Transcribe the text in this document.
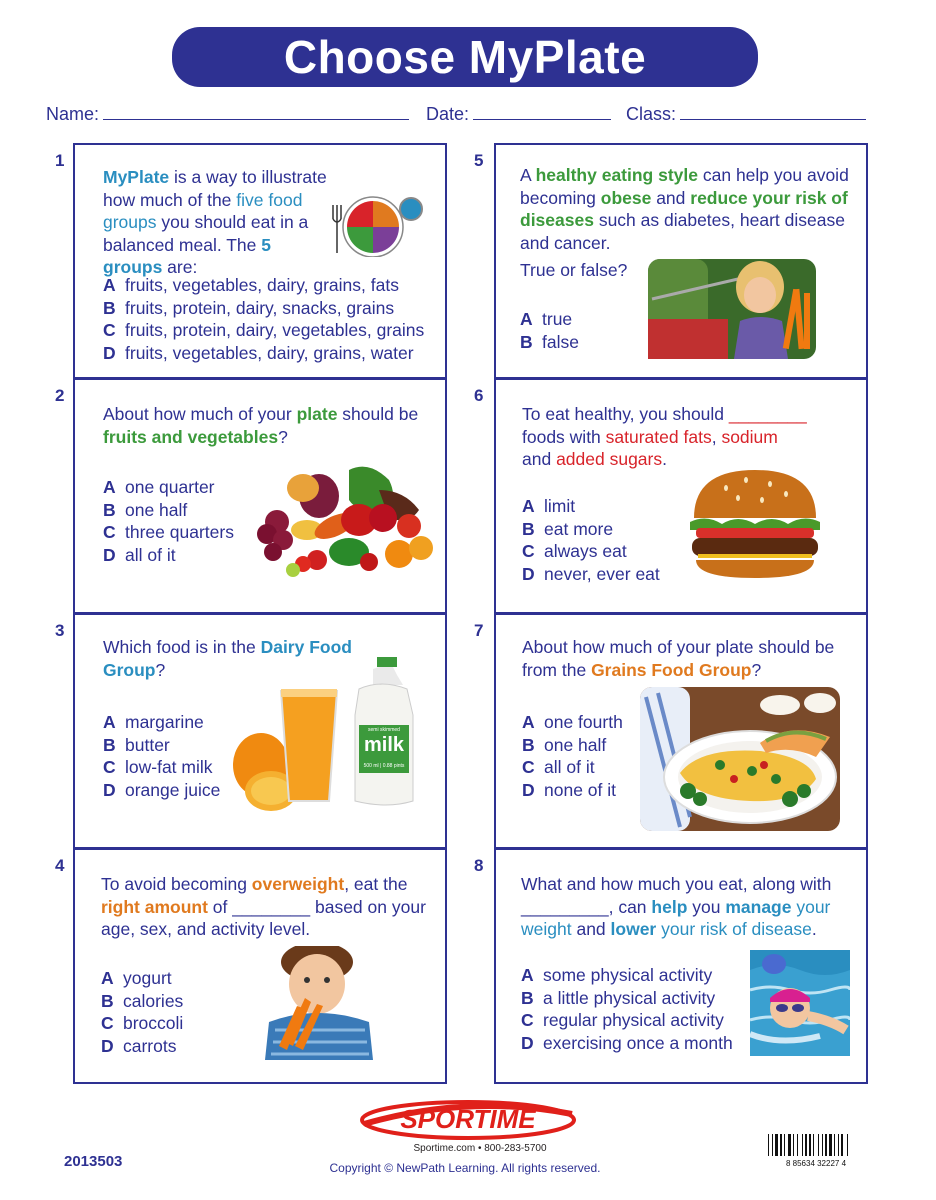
Choose MyPlate
Name:	Date:	Class:
1
MyPlate is a way to illustrate how much of the five food groups you should eat in a balanced meal. The 5 groups are:
A fruits, vegetables, dairy, grains, fats
B fruits, protein, dairy, snacks, grains
C fruits, protein, dairy, vegetables, grains
D fruits, vegetables, dairy, grains, water
2
About how much of your plate should be fruits and vegetables?
A one quarter
B one half
C three quarters
D all of it
3
Which food is in the Dairy Food Group?
semi skimmed
milk
500 ml | 0.88 pints
A margarine
B butter
C low-fat milk
D orange juice
4
To avoid becoming overweight, eat the right amount of ________ based on your age, sex, and activity level.
A yogurt
B calories
C broccoli
D carrots
5
A healthy eating style can help you avoid becoming obese and reduce your risk of diseases such as diabetes, heart disease and cancer.
True or false?
A true
B false
6
To eat healthy, you should ________
foods with saturated fats, sodium
and added sugars.
A limit
B eat more
C always eat
D never, ever eat
7
About how much of your plate should be from the Grains Food Group?
A one fourth
B one half
C all of it
D none of it
8
What and how much you eat, along with _________, can help you manage your weight and lower your risk of disease.
A some physical activity
B a little physical activity
C regular physical activity
D exercising once a month
2013503
SPORTIME
Sportime.com • 800-283-5700
Copyright © NewPath Learning. All rights reserved.	8 85634 32227 4
